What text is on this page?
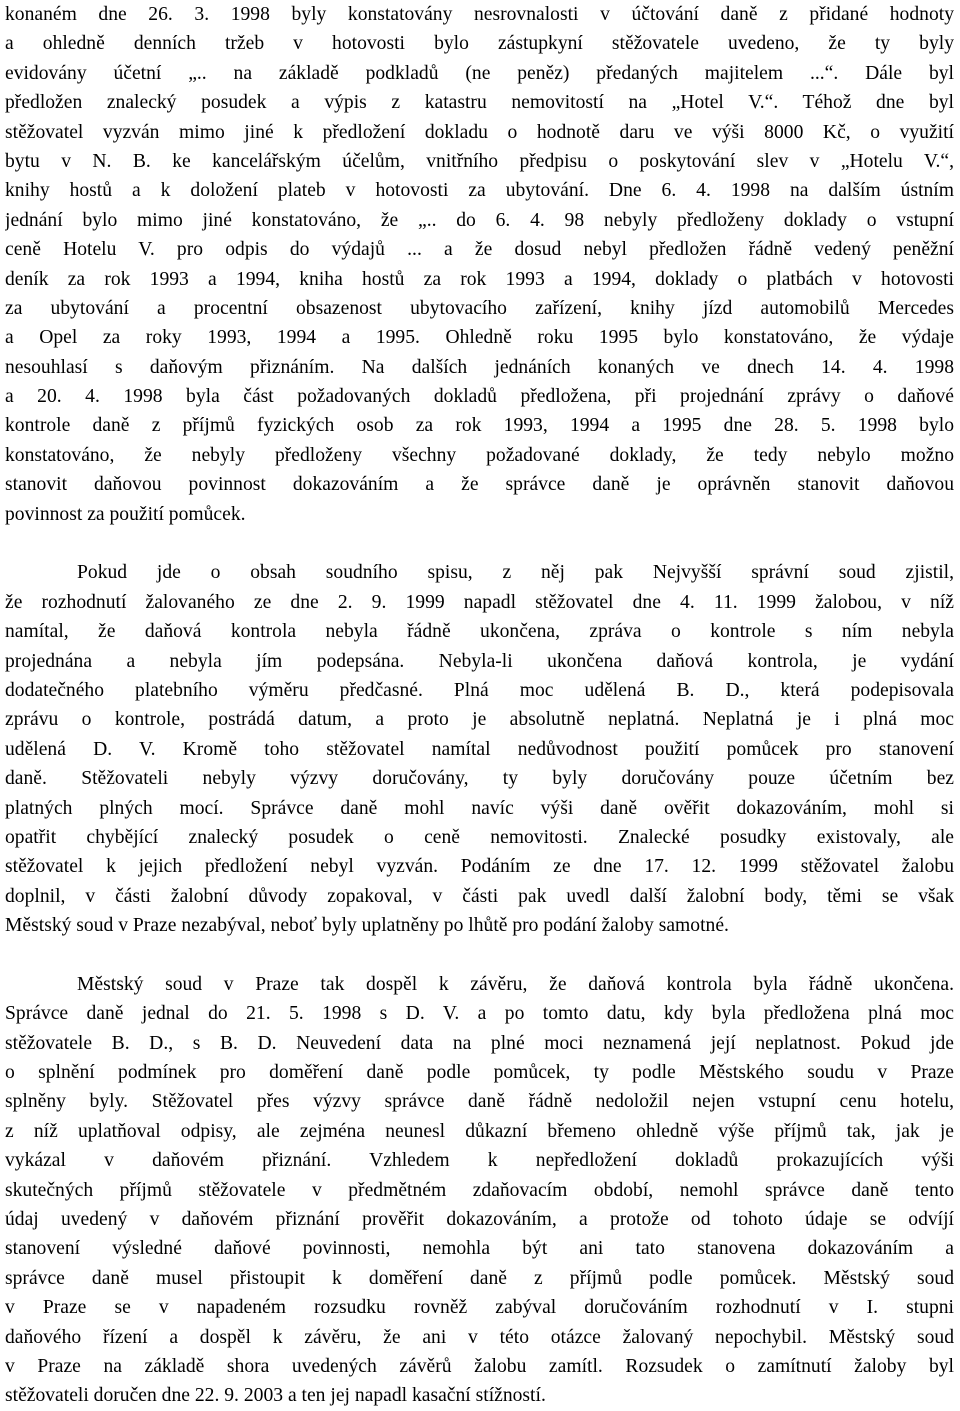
konaném dne 26. 3. 1998 byly konstatovány nesrovnalosti v účtování daně z přidané hodnoty
a ohledně denních tržeb v hotovosti bylo zástupkyní stěžovatele uvedeno, že ty byly
evidovány účetní „.. na základě podkladů (ne peněz) předaných majitelem ...“. Dále byl
předložen znalecký posudek a výpis z katastru nemovitostí na „Hotel V.“. Téhož dne byl
stěžovatel vyzván mimo jiné k předložení dokladu o hodnotě daru ve výši 8000 Kč, o využití
bytu v N. B. ke kancelářským účelům, vnitřního předpisu o poskytování slev v „Hotelu V.“,
knihy hostů a k doložení plateb v hotovosti za ubytování. Dne 6. 4. 1998 na dalším ústním
jednání bylo mimo jiné konstatováno, že „.. do 6. 4. 98 nebyly předloženy doklady o vstupní
ceně Hotelu V. pro odpis do výdajů ... a že dosud nebyl předložen řádně vedený peněžní
deník za rok 1993 a 1994, kniha hostů za rok 1993 a 1994, doklady o platbách v hotovosti
za ubytování a procentní obsazenost ubytovacího zařízení, knihy jízd automobilů Mercedes
a Opel za roky 1993, 1994 a 1995. Ohledně roku 1995 bylo konstatováno, že výdaje
nesouhlasí s daňovým přiznáním. Na dalších jednáních konaných ve dnech 14. 4. 1998
a 20. 4. 1998 byla část požadovaných dokladů předložena, při projednání zprávy o daňové
kontrole daně z příjmů fyzických osob za rok 1993, 1994 a 1995 dne 28. 5. 1998 bylo
konstatováno, že nebyly předloženy všechny požadované doklady, že tedy nebylo možno
stanovit daňovou povinnost dokazováním a že správce daně je oprávněn stanovit daňovou
povinnost za použití pomůcek.
Pokud jde o obsah soudního spisu, z něj pak Nejvyšší správní soud zjistil,
že rozhodnutí žalovaného ze dne 2. 9. 1999 napadl stěžovatel dne 4. 11. 1999 žalobou, v níž
namítal, že daňová kontrola nebyla řádně ukončena, zpráva o kontrole s ním nebyla
projednána a nebyla jím podepsána. Nebyla-li ukončena daňová kontrola, je vydání
dodatečného platebního výměru předčasné. Plná moc udělená B. D., která podepisovala
zprávu o kontrole, postrádá datum, a proto je absolutně neplatná. Neplatná je i plná moc
udělená D. V. Kromě toho stěžovatel namítal nedůvodnost použití pomůcek pro stanovení
daně. Stěžovateli nebyly výzvy doručovány, ty byly doručovány pouze účetním bez
platných plných mocí. Správce daně mohl navíc výši daně ověřit dokazováním, mohl si
opatřit chybějící znalecký posudek o ceně nemovitosti. Znalecké posudky existovaly, ale
stěžovatel k jejich předložení nebyl vyzván. Podáním ze dne 17. 12. 1999 stěžovatel žalobu
doplnil, v části žalobní důvody zopakoval, v části pak uvedl další žalobní body, těmi se však
Městský soud v Praze nezabýval, neboť byly uplatněny po lhůtě pro podání žaloby samotné.
Městský soud v Praze tak dospěl k závěru, že daňová kontrola byla řádně ukončena.
Správce daně jednal do 21. 5. 1998 s D. V. a po tomto datu, kdy byla předložena plná moc
stěžovatele B. D., s B. D. Neuvedení data na plné moci neznamená její neplatnost. Pokud jde
o splnění podmínek pro doměření daně podle pomůcek, ty podle Městského soudu v Praze
splněny byly. Stěžovatel přes výzvy správce daně řádně nedoložil nejen vstupní cenu hotelu,
z níž uplatňoval odpisy, ale zejména neunesl důkazní břemeno ohledně výše příjmů tak, jak je
vykázal v daňovém přiznání. Vzhledem k nepředložení dokladů prokazujících výši
skutečných příjmů stěžovatele v předmětném zdaňovacím období, nemohl správce daně tento
údaj uvedený v daňovém přiznání prověřit dokazováním, a protože od tohoto údaje se odvíjí
stanovení výsledné daňové povinnosti, nemohla být ani tato stanovena dokazováním a
správce daně musel přistoupit k doměření daně z příjmů podle pomůcek. Městský soud
v Praze se v napadeném rozsudku rovněž zabýval doručováním rozhodnutí v I. stupni
daňového řízení a dospěl k závěru, že ani v této otázce žalovaný nepochybil. Městský soud
v Praze na základě shora uvedených závěrů žalobu zamítl. Rozsudek o zamítnutí žaloby byl
stěžovateli doručen dne 22. 9. 2003 a ten jej napadl kasační stížností.
